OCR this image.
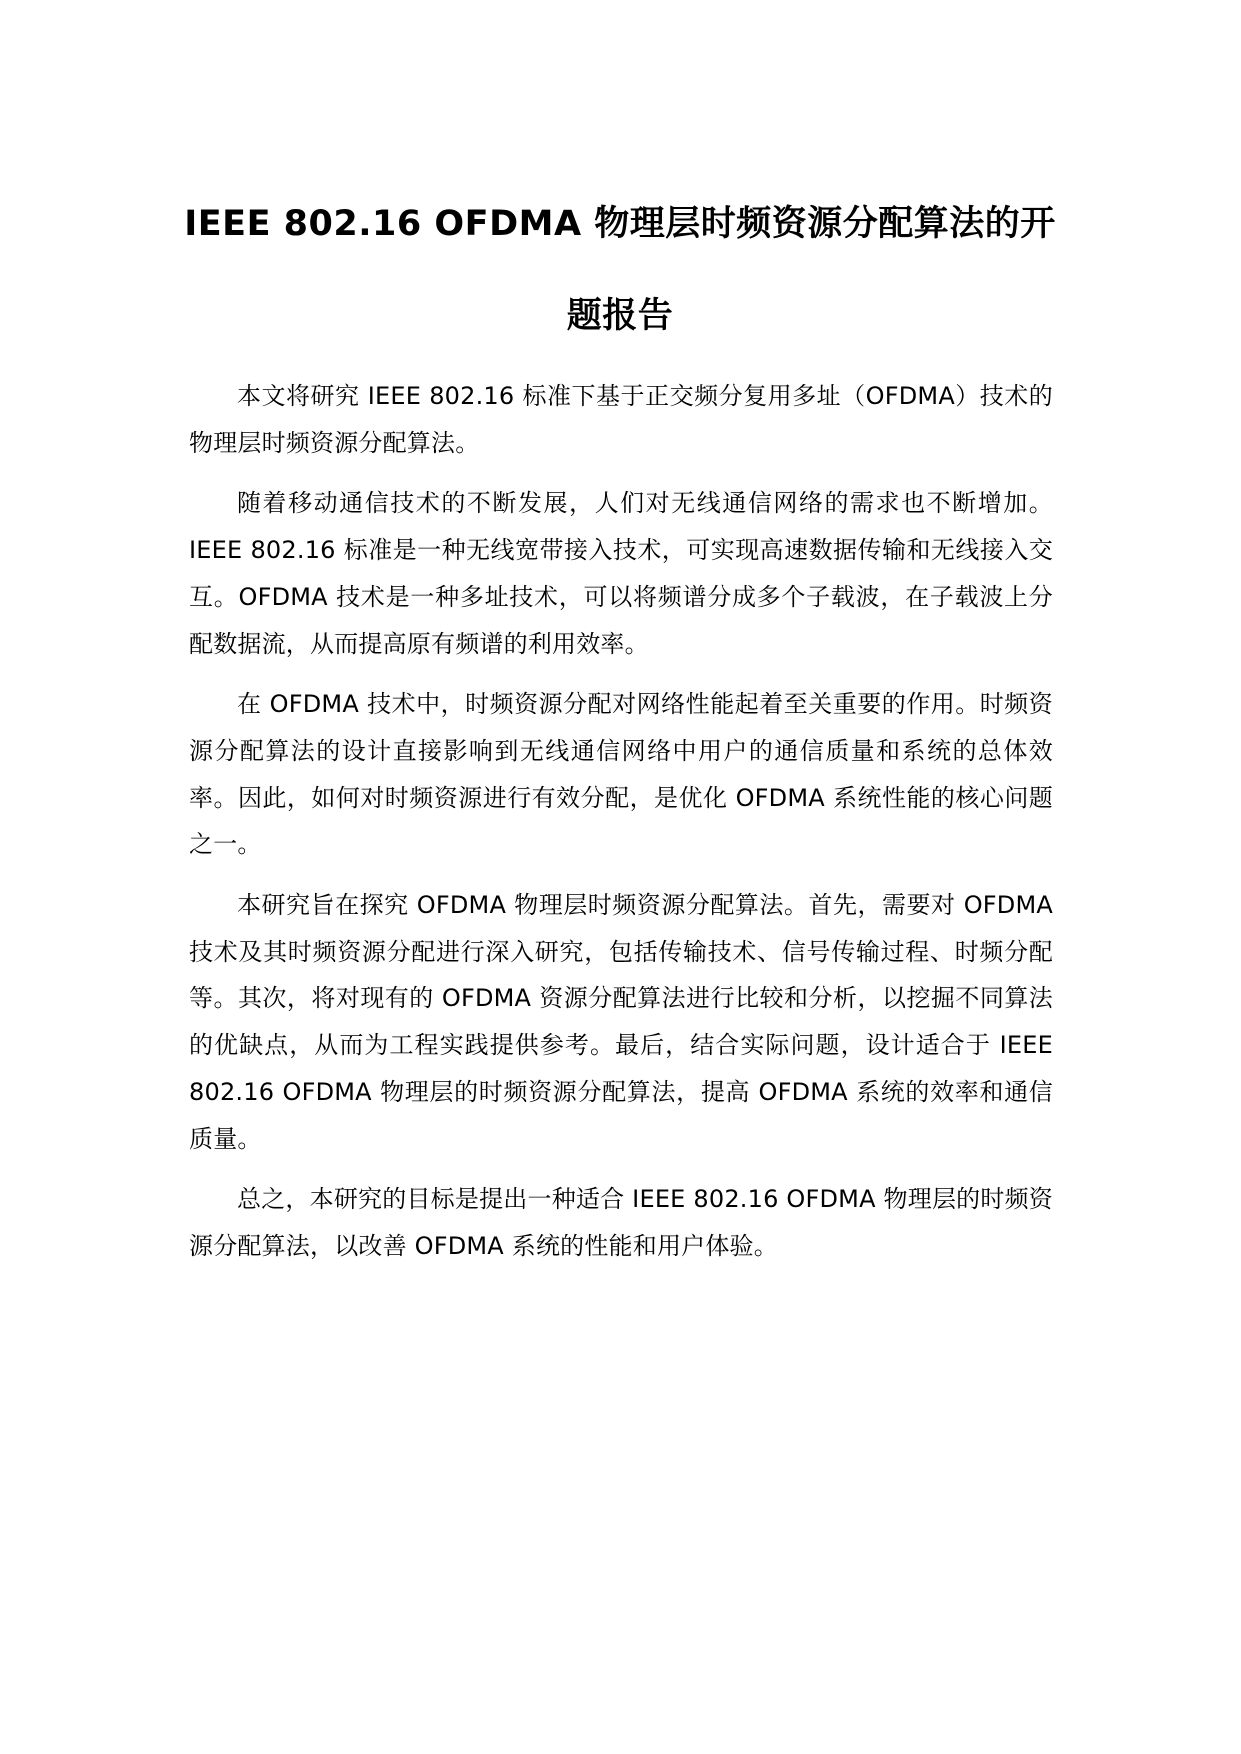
IEEE 802.16 OFDMA 物理层时频资源分配算法的开题报告

本文将研究 IEEE 802.16 标准下基于正交频分复用多址（OFDMA）技术的物理层时频资源分配算法。

随着移动通信技术的不断发展，人们对无线通信网络的需求也不断增加。IEEE 802.16 标准是一种无线宽带接入技术，可实现高速数据传输和无线接入交互。OFDMA 技术是一种多址技术，可以将频谱分成多个子载波，在子载波上分配数据流，从而提高原有频谱的利用效率。

在 OFDMA 技术中，时频资源分配对网络性能起着至关重要的作用。时频资源分配算法的设计直接影响到无线通信网络中用户的通信质量和系统的总体效率。因此，如何对时频资源进行有效分配，是优化 OFDMA 系统性能的核心问题之一。

本研究旨在探究 OFDMA 物理层时频资源分配算法。首先，需要对 OFDMA 技术及其时频资源分配进行深入研究，包括传输技术、信号传输过程、时频分配等。其次，将对现有的 OFDMA 资源分配算法进行比较和分析，以挖掘不同算法的优缺点，从而为工程实践提供参考。最后，结合实际问题，设计适合于 IEEE 802.16 OFDMA 物理层的时频资源分配算法，提高 OFDMA 系统的效率和通信质量。

总之，本研究的目标是提出一种适合 IEEE 802.16 OFDMA 物理层的时频资源分配算法，以改善 OFDMA 系统的性能和用户体验。
